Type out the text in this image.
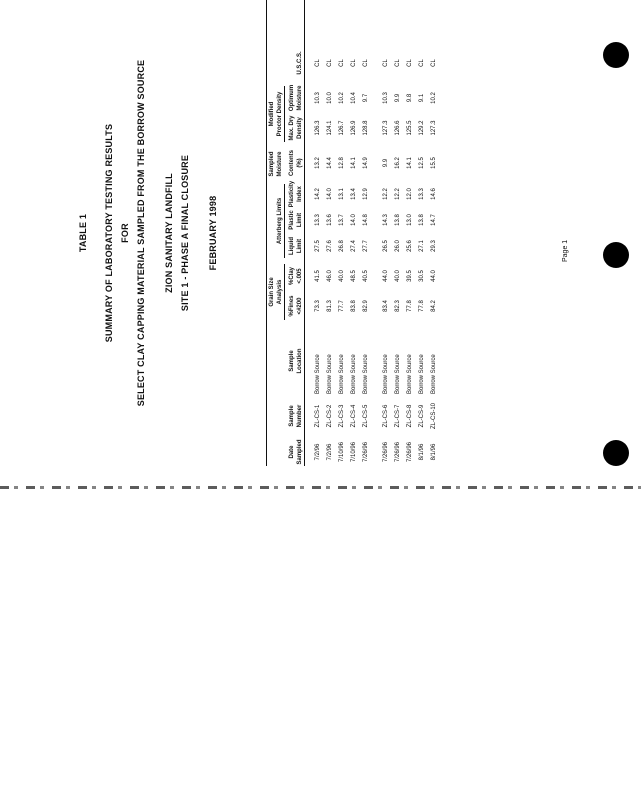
TABLE 1 SUMMARY OF LABORATORY TESTING RESULTS FOR SELECT CLAY CAPPING MATERIAL SAMPLED FROM THE BORROW SOURCE ZION SANITARY LANDFILL SITE 1 - PHASE A FINAL CLOSURE FEBRUARY 1998
Grain Size Analysis
Atterberg Limits
Sampled Moisture
Modified Proctor Density
Date Sampled
Sample Number
Sample Location
%Fines <#200
%Clay <.005
Liquid Limit
Plastic Limit
Plasticity Index
Contents (%)
Max. Dry Density
Optimum Moisture
U.S.C.S.
7/2/96
ZL-CS-1
Borrow Source
73.3
41.5
27.5
13.3
14.2
13.2
126.3
10.3
CL
7/2/96
ZL-CS-2
Borrow Source
81.3
46.0
27.6
13.6
14.0
14.4
124.1
10.0
CL
7/10/96
ZL-CS-3
Borrow Source
77.7
40.0
26.8
13.7
13.1
12.8
126.7
10.2
CL
7/10/96
ZL-CS-4
Borrow Source
83.8
48.5
27.4
14.0
13.4
14.1
126.9
10.4
CL
7/26/96
ZL-CS-5
Borrow Source
82.9
40.5
27.7
14.8
12.9
14.9
128.8
9.7
CL
7/26/96
ZL-CS-6
Borrow Source
83.4
44.0
26.5
14.3
12.2
9.9
127.3
10.3
CL
7/26/96
ZL-CS-7
Borrow Source
82.3
40.0
26.0
13.8
12.2
16.2
126.6
9.9
CL
7/26/96
ZL-CS-8
Borrow Source
77.8
39.5
25.6
13.0
12.0
14.1
125.5
9.8
CL
8/1/96
ZL-CS-9
Borrow Source
77.8
30.5
27.1
13.8
13.3
12.5
129.2
9.1
CL
8/1/96
ZL-CS-10
Borrow Source
84.2
44.0
29.3
14.7
14.6
15.5
127.3
10.2
CL
Page 1
